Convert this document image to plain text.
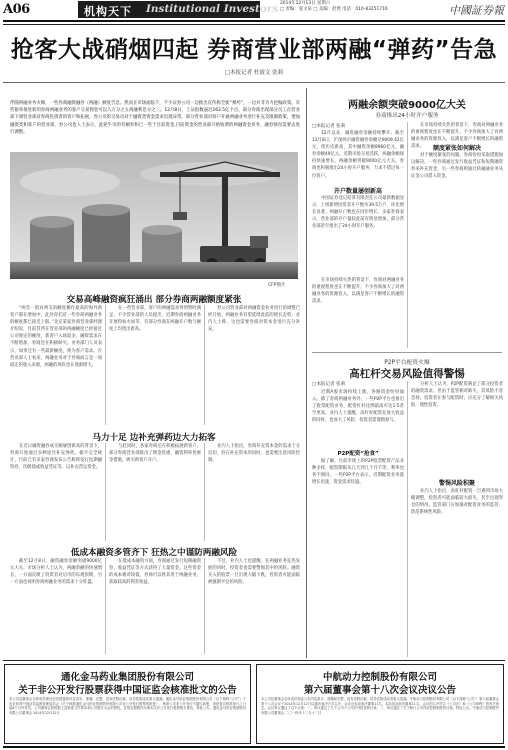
A06	机构天下 Institutional Investors 2014年12月13日 星期六
□ 责编：张文泉 □ 美编：赵然 电话：010-83251716	中國証券報
抢客大战硝烟四起 券商营业部两融“弹药”告急
□本报记者 杜霞文 张莉
伴随两融业务火爆，一些券商融资融券（两融）额度告急。然而在市场面临下，不少证券公司一边推出宣传称全新“弹药”，一边并非为力挖掘政策。有些银率推进新的券商两融业务的客户交易佣金可以入万分之五两融利息分之三。12月8日，上证指数逼近163.5亿个点，部分券商出现部分员工在营业部下调营业部对券商投资者的客户和拓展，券公司的交易员对于融资类资金需求出现异常，部分营业部对客户开通两融业务进行补充及限制政策，增加融资类和客户的营业部，券公司也人士表示，此轮牛市的有额券和已一些于目前资金,目前资金的营业部开始收费的两融资金业务，融券情况需要去进行调整。
CFP图片
交易高峰融资疯狂涌出 部分券商两融额度紧张
“两会一般对两支的额度操作最高的海外新客户都在增加中，此处你们近一些券商两融业务的额度都已接近上限。”北京某家券商营业部经理介绍说，目前其所在营业部的两融额度已经接近公司规定的额度，新客户入场较多，融资需求在不断增加，券商也在积极研究。业务部门人员表示，如果还有一些最新额度，则为客户需求。在营业部人士看来，两融业务对于券商而言是一项稳定的收入来源，两融的风险也在逐渐增大。
在一些营业部，客户的两融需求得到暂时满足。不少营业部的人员提出，近期券商两融业务开展得如火如荼，有部分券商在两融开户数与额度上均创出新高。
券公司营业部对两融资金业务进行的调整已经开始。两融业务有望延续此前的增长态势，业内人士称，这也需要券商对资本金进行充分补充。
马力十足 边补充弹药边大力拓客
在近日融资融券成交额屡创新高的背景下，券商开始通过多种途径补充弹药。据不完全统计，目前已有多家券商发布公告称将发行短期融资券、次级债或收益凭证等，以补充营运资金。
与此同时，各家券商还在积极拓展新客户，部分券商营业部推出了佣金优惠、融资利率优惠等措施，吸引新客户开户。
业内人士指出，券商补充资本金的需求十分迫切，但在补充资本的同时，也需要注意风险控制。
低成本融资多管齐下 狂热之中谨防两融风险
截至12月8日，融资融券余额突破9000亿元大关。市场分析人士认为，两融余额的快速增长，一方面反映了投资者对后市的乐观预期，另一方面也说明券商两融业务的需求十分旺盛。
在低成本融资方面，券商通过发行短期融资券、收益凭证等方式获得了大量资金。这些资金的成本相对较低，券商可以将其用于两融业务，获取较高的利差收益。
不过，业内人士也提醒，在两融业务狂热发展的同时，投资者也需要警惕其中的风险。融资买入的股票一旦出现大幅下跌，投资者可能面临被强制平仓的风险。
两融余额突破9000亿大关
券商推出24小时开户服务
□本报记者 张莉
12月以来，融资融券余额持续攀升。截至12月8日，沪深两市融资融券余额达9009.42亿元，创历史新高，其中融资余额8960亿元，融券余额49亿元。近期市场交易活跃，两融余额保持快速增长。两融余额突破9000亿元大关，券商也积极推出24小时开户服务，力求不错过每一位客户。
开户数量屡创新高
中国证券登记结算有限责任公司最新数据显示，上周新增投资者开户数为39.5万户，环比增长显著。两融开户数也在同步增长，多家券商表示，营业部的开户量较此前有明显增加，部分营业部甚至推出了24小时开户服务。
在市场持续火热的背景下，券商对两融业务的重视程度也在不断提升，不少券商加大了对两融业务的资源投入，以满足客户不断增长的融资需求。
在市场持续火热的背景下，券商对两融业务的重视程度也在不断提升，不少券商加大了对两融业务的资源投入，以满足客户不断增长的融资需求。	额度紧张如何解决
对于额度紧张的问题，券商纷纷采取措施加以解决。一些券商通过发行收益凭证和短期融资券来补充资金，另一些券商则通过转融通业务从证金公司借入资金。
P2P平台配资火爆
高杠杆交易风险值得警惕
□本报记者 张莉
近期A股市场持续上涨，各路资金纷纷涌入。除了券商两融业务外，一些P2P平台也推出了股票配资业务，配资杠杆比例最高可达1:5甚至更高。业内人士提醒，高杠杆配资在放大收益的同时，也放大了风险，投资者需谨慎参与。
P2P配资“抢食”
据了解，目前市场上的P2P股票配资产品多种多样，配资期限从几天到几个月不等，利率也各不相同。一些P2P平台表示，近期配资业务量增长迅速，资金需求旺盛。
分析人士认为，P2P配资满足了部分投资者的融资需求，但由于监管相对缺失，其风险不容忽视。投资者在参与配资时，应充分了解相关风险，理性投资。
警惕风险积聚
业内人士指出，高杠杆配资一旦遇到市场大幅调整，投资者可能面临较大损失，甚至出现穿仓的情况。监管部门应加强对配资业务的监管，防范系统性风险。
通化金马药业集团股份有限公司
关于非公开发行股票获得中国证监会核准批文的公告
本公司及董事会全体成员保证信息披露的内容真实、准确、完整，没有虚假记载、误导性陈述或重大遗漏。通化金马药业集团股份有限公司（以下简称“公司”）于近日收到中国证券监督管理委员会《关于核准通化金马药业集团股份有限公司非公开发行股票的批复》，核准公司非公开发行不超过新股，该批复自核准发行之日起6个月内有效。公司董事会将根据上述核准文件要求和公司股东大会的授权，在规定期限内办理本次非公开发行股票相关事宜。特此公告。通化金马药业集团股份有限公司董事会 2014年12月12日
中航动力控制股份有限公司
第六届董事会第十八次会议决议公告
本公司及董事会全体成员保证公告内容真实、准确和完整，没有虚假记载、误导性陈述或者重大遗漏。中航动力控制股份有限公司（以下简称“公司”）第六届董事会第十八次会议于2014年12月12日以通讯表决方式召开，会议应参加表决董事11名，实际参加表决董事11名。会议的召开符合《公司法》和《公司章程》的有关规定。会议审议通过了以下议案：一、审议通过了关于公司子公司对外投资的议案；二、审议通过了关于修订公司内部控制制度的议案。特此公告。中航动力控制股份有限公司董事会 二〇一四年十二月十二日
